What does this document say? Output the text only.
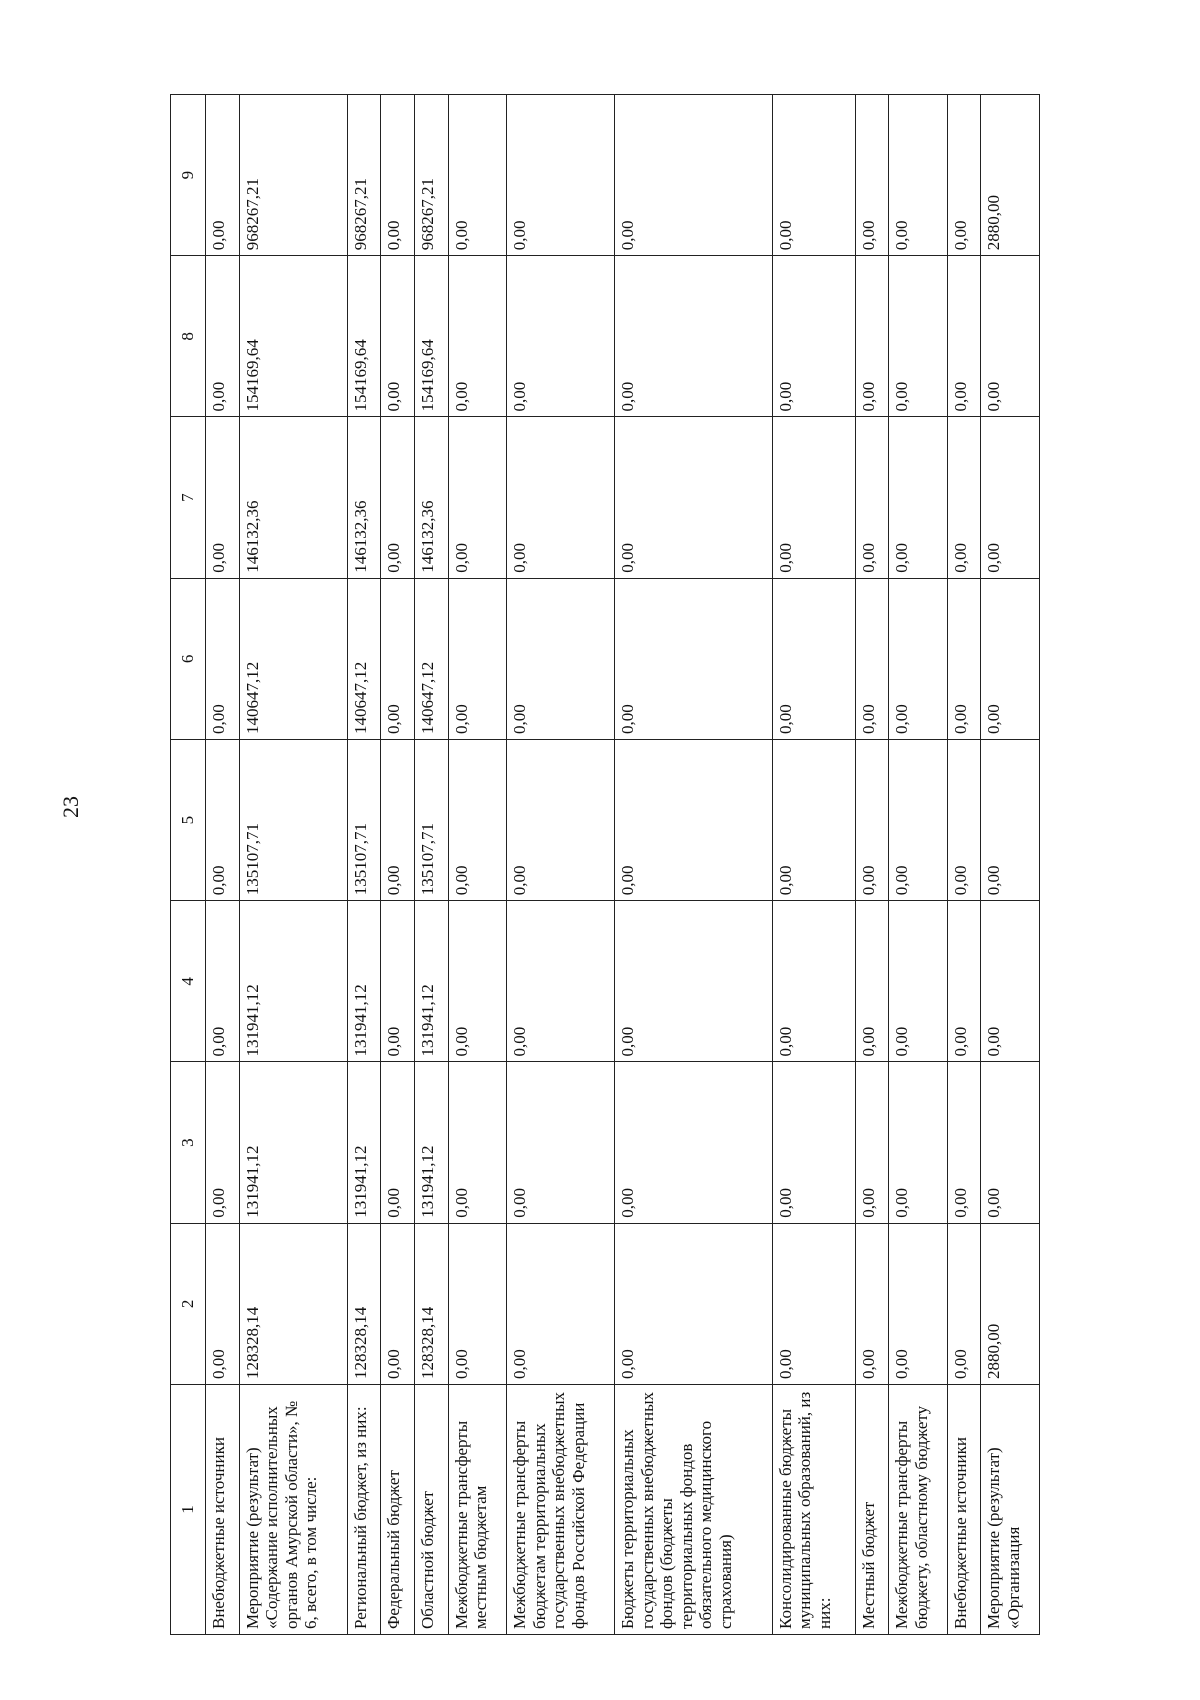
23
1	2	3	4	5	6	7	8	9
Внебюджетные источники	0,00	0,00	0,00	0,00	0,00	0,00	0,00	0,00
Мероприятие (результат) «Содержание исполнительных органов Амурской области», № 6, всего, в том числе:	128328,14	131941,12	131941,12	135107,71	140647,12	146132,36	154169,64	968267,21
Региональный бюджет, из них:	128328,14	131941,12	131941,12	135107,71	140647,12	146132,36	154169,64	968267,21
Федеральный бюджет	0,00	0,00	0,00	0,00	0,00	0,00	0,00	0,00
Областной бюджет	128328,14	131941,12	131941,12	135107,71	140647,12	146132,36	154169,64	968267,21
Межбюджетные трансферты местным бюджетам	0,00	0,00	0,00	0,00	0,00	0,00	0,00	0,00
Межбюджетные трансферты бюджетам территориальных государственных внебюджетных фондов Российской Федерации	0,00	0,00	0,00	0,00	0,00	0,00	0,00	0,00
Бюджеты территориальных государственных внебюджетных фондов (бюджеты территориальных фондов обязательного медицинского страхования)	0,00	0,00	0,00	0,00	0,00	0,00	0,00	0,00
Консолидированные бюджеты муниципальных образований, из них:	0,00	0,00	0,00	0,00	0,00	0,00	0,00	0,00
Местный бюджет	0,00	0,00	0,00	0,00	0,00	0,00	0,00	0,00
Межбюджетные трансферты бюджету, областному бюджету	0,00	0,00	0,00	0,00	0,00	0,00	0,00	0,00
Внебюджетные источники	0,00	0,00	0,00	0,00	0,00	0,00	0,00	0,00
Мероприятие (результат) «Организация	2880,00	0,00	0,00	0,00	0,00	0,00	0,00	2880,00
